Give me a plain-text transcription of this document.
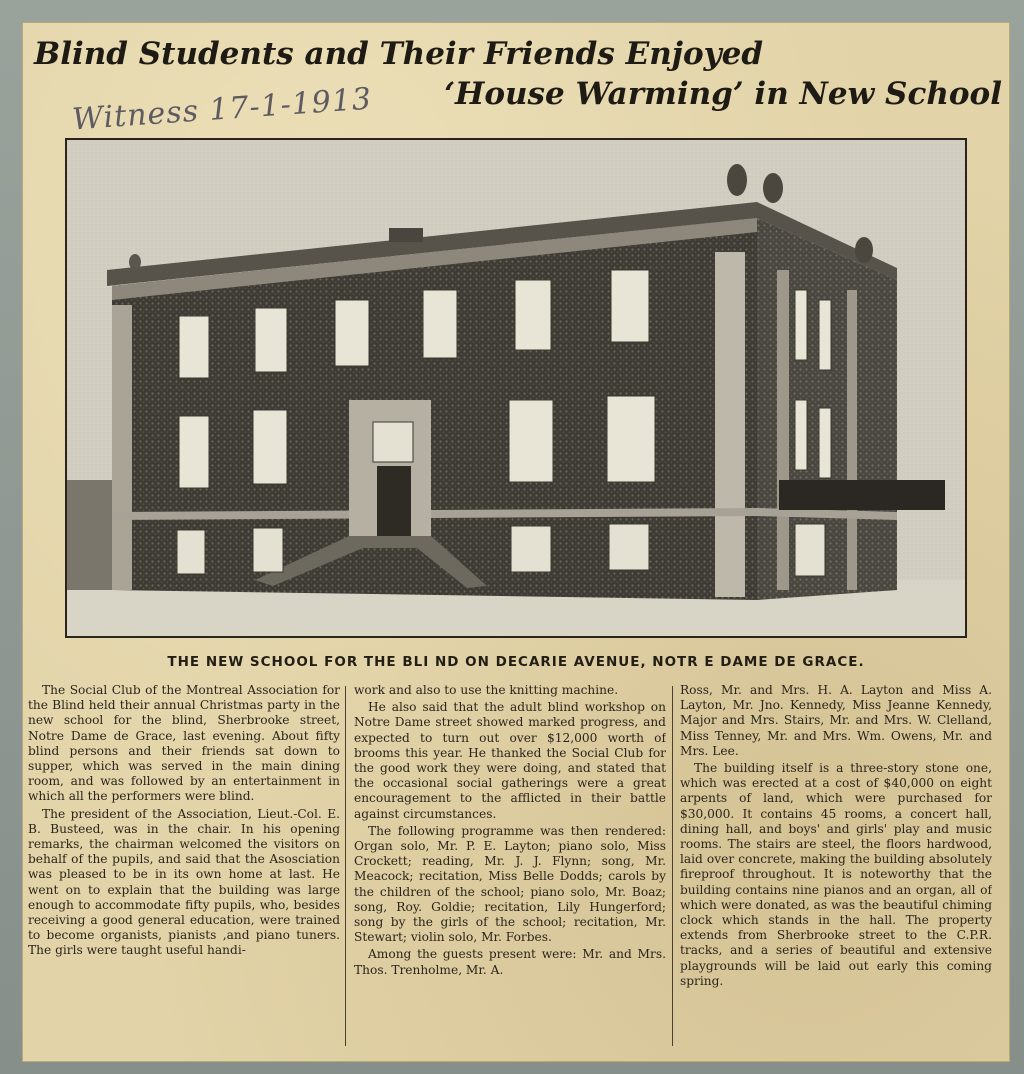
Blind Students and Their Friends Enjoyed
‘House Warming’ in New School
Witness 17-1-1913
THE NEW SCHOOL FOR THE BLI ND ON DECARIE AVENUE, NOTR E DAME DE GRACE.

The Social Club of the Montreal Association for the Blind held their annual Christmas party in the new school for the blind, Sherbrooke street, Notre Dame de Grace, last evening. About fifty blind persons and their friends sat down to supper, which was served in the main dining room, and was followed by an entertainment in which all the performers were blind.

The president of the Association, Lieut.-Col. E. B. Busteed, was in the chair. In his opening remarks, the chairman welcomed the visitors on behalf of the pupils, and said that the Asosciation was pleased to be in its own home at last. He went on to explain that the building was large enough to accommodate fifty pupils, who, besides receiving a good general education, were trained to become organists, pianists ,and piano tuners. The girls were taught useful handi-

work and also to use the knitting machine.

He also said that the adult blind workshop on Notre Dame street showed marked progress, and expected to turn out over $12,000 worth of brooms this year. He thanked the Social Club for the good work they were doing, and stated that the occasional social gatherings were a great encouragement to the afflicted in their battle against circumstances.

The following programme was then rendered: Organ solo, Mr. P. E. Layton; piano solo, Miss Crockett; reading, Mr. J. J. Flynn; song, Mr. Meacock; recitation, Miss Belle Dodds; carols by the children of the school; piano solo, Mr. Boaz; song, Roy. Goldie; recitation, Lily Hungerford; song by the girls of the school; recitation, Mr. Stewart; violin solo, Mr. Forbes.

Among the guests present were: Mr. and Mrs. Thos. Trenholme, Mr. A.

Ross, Mr. and Mrs. H. A. Layton and Miss A. Layton, Mr. Jno. Kennedy, Miss Jeanne Kennedy, Major and Mrs. Stairs, Mr. and Mrs. W. Clelland, Miss Tenney, Mr. and Mrs. Wm. Owens, Mr. and Mrs. Lee.

The building itself is a three-story stone one, which was erected at a cost of $40,000 on eight arpents of land, which were purchased for $30,000. It contains 45 rooms, a concert hall, dining hall, and boys' and girls' play and music rooms. The stairs are steel, the floors hardwood, laid over concrete, making the building absolutely fireproof throughout. It is noteworthy that the building contains nine pianos and an organ, all of which were donated, as was the beautiful chiming clock which stands in the hall. The property extends from Sherbrooke street to the C.P.R. tracks, and a series of beautiful and extensive playgrounds will be laid out early this coming spring.
